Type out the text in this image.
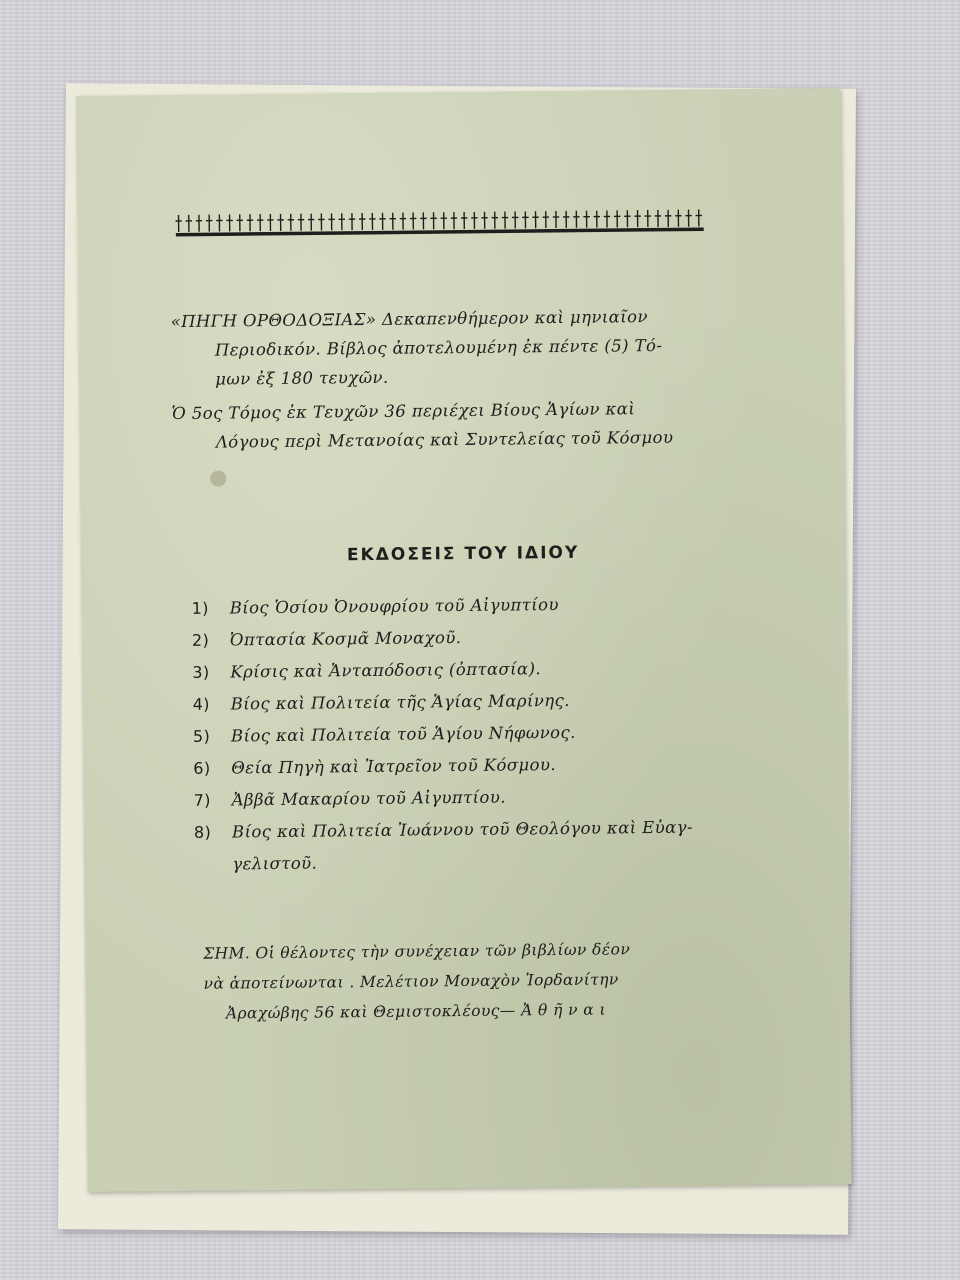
«ΠΗΓΗ ΟΡΘΟΔΟΞΙΑΣ» Δεκαπενθήμερον καὶ μηνιαῖον
Περιοδικόν. Βίβλος ἀποτελουμένη ἐκ πέντε (5) Τό-
μων ἐξ 180 τευχῶν.
Ὁ 5ος Τόμος ἐκ Τευχῶν 36 περιέχει Βίους Ἁγίων καὶ
Λόγους περὶ Μετανοίας καὶ Συντελείας τοῦ Κόσμου
ΕΚΔΟΣΕΙΣ ΤΟΥ ΙΔΙΟΥ
1)	Βίος Ὁσίου Ὀνουφρίου τοῦ Αἰγυπτίου
2)	Ὀπτασία Κοσμᾶ Μοναχοῦ.
3)	Κρίσις καὶ Ἀνταπόδοσις (ὀπτασία).
4)	Βίος καὶ Πολιτεία τῆς Ἁγίας Μαρίνης.
5)	Βίος καὶ Πολιτεία τοῦ Ἁγίου Νήφωνος.
6)	Θεία Πηγὴ καὶ Ἰατρεῖον τοῦ Κόσμου.
7)	Ἀββᾶ Μακαρίου τοῦ Αἰγυπτίου.
8)	Βίος καὶ Πολιτεία Ἰωάννου τοῦ Θεολόγου καὶ Εὐαγ-
γελιστοῦ.
ΣΗΜ. Οἱ θέλοντες τὴν συνέχειαν τῶν βιβλίων δέον
νὰ ἀποτείνωνται . Μελέτιον Μοναχὸν Ἰορδανίτην
Ἀραχώβης 56 καὶ Θεμιστοκλέους— Ἀ θ ῆ ν α ι
